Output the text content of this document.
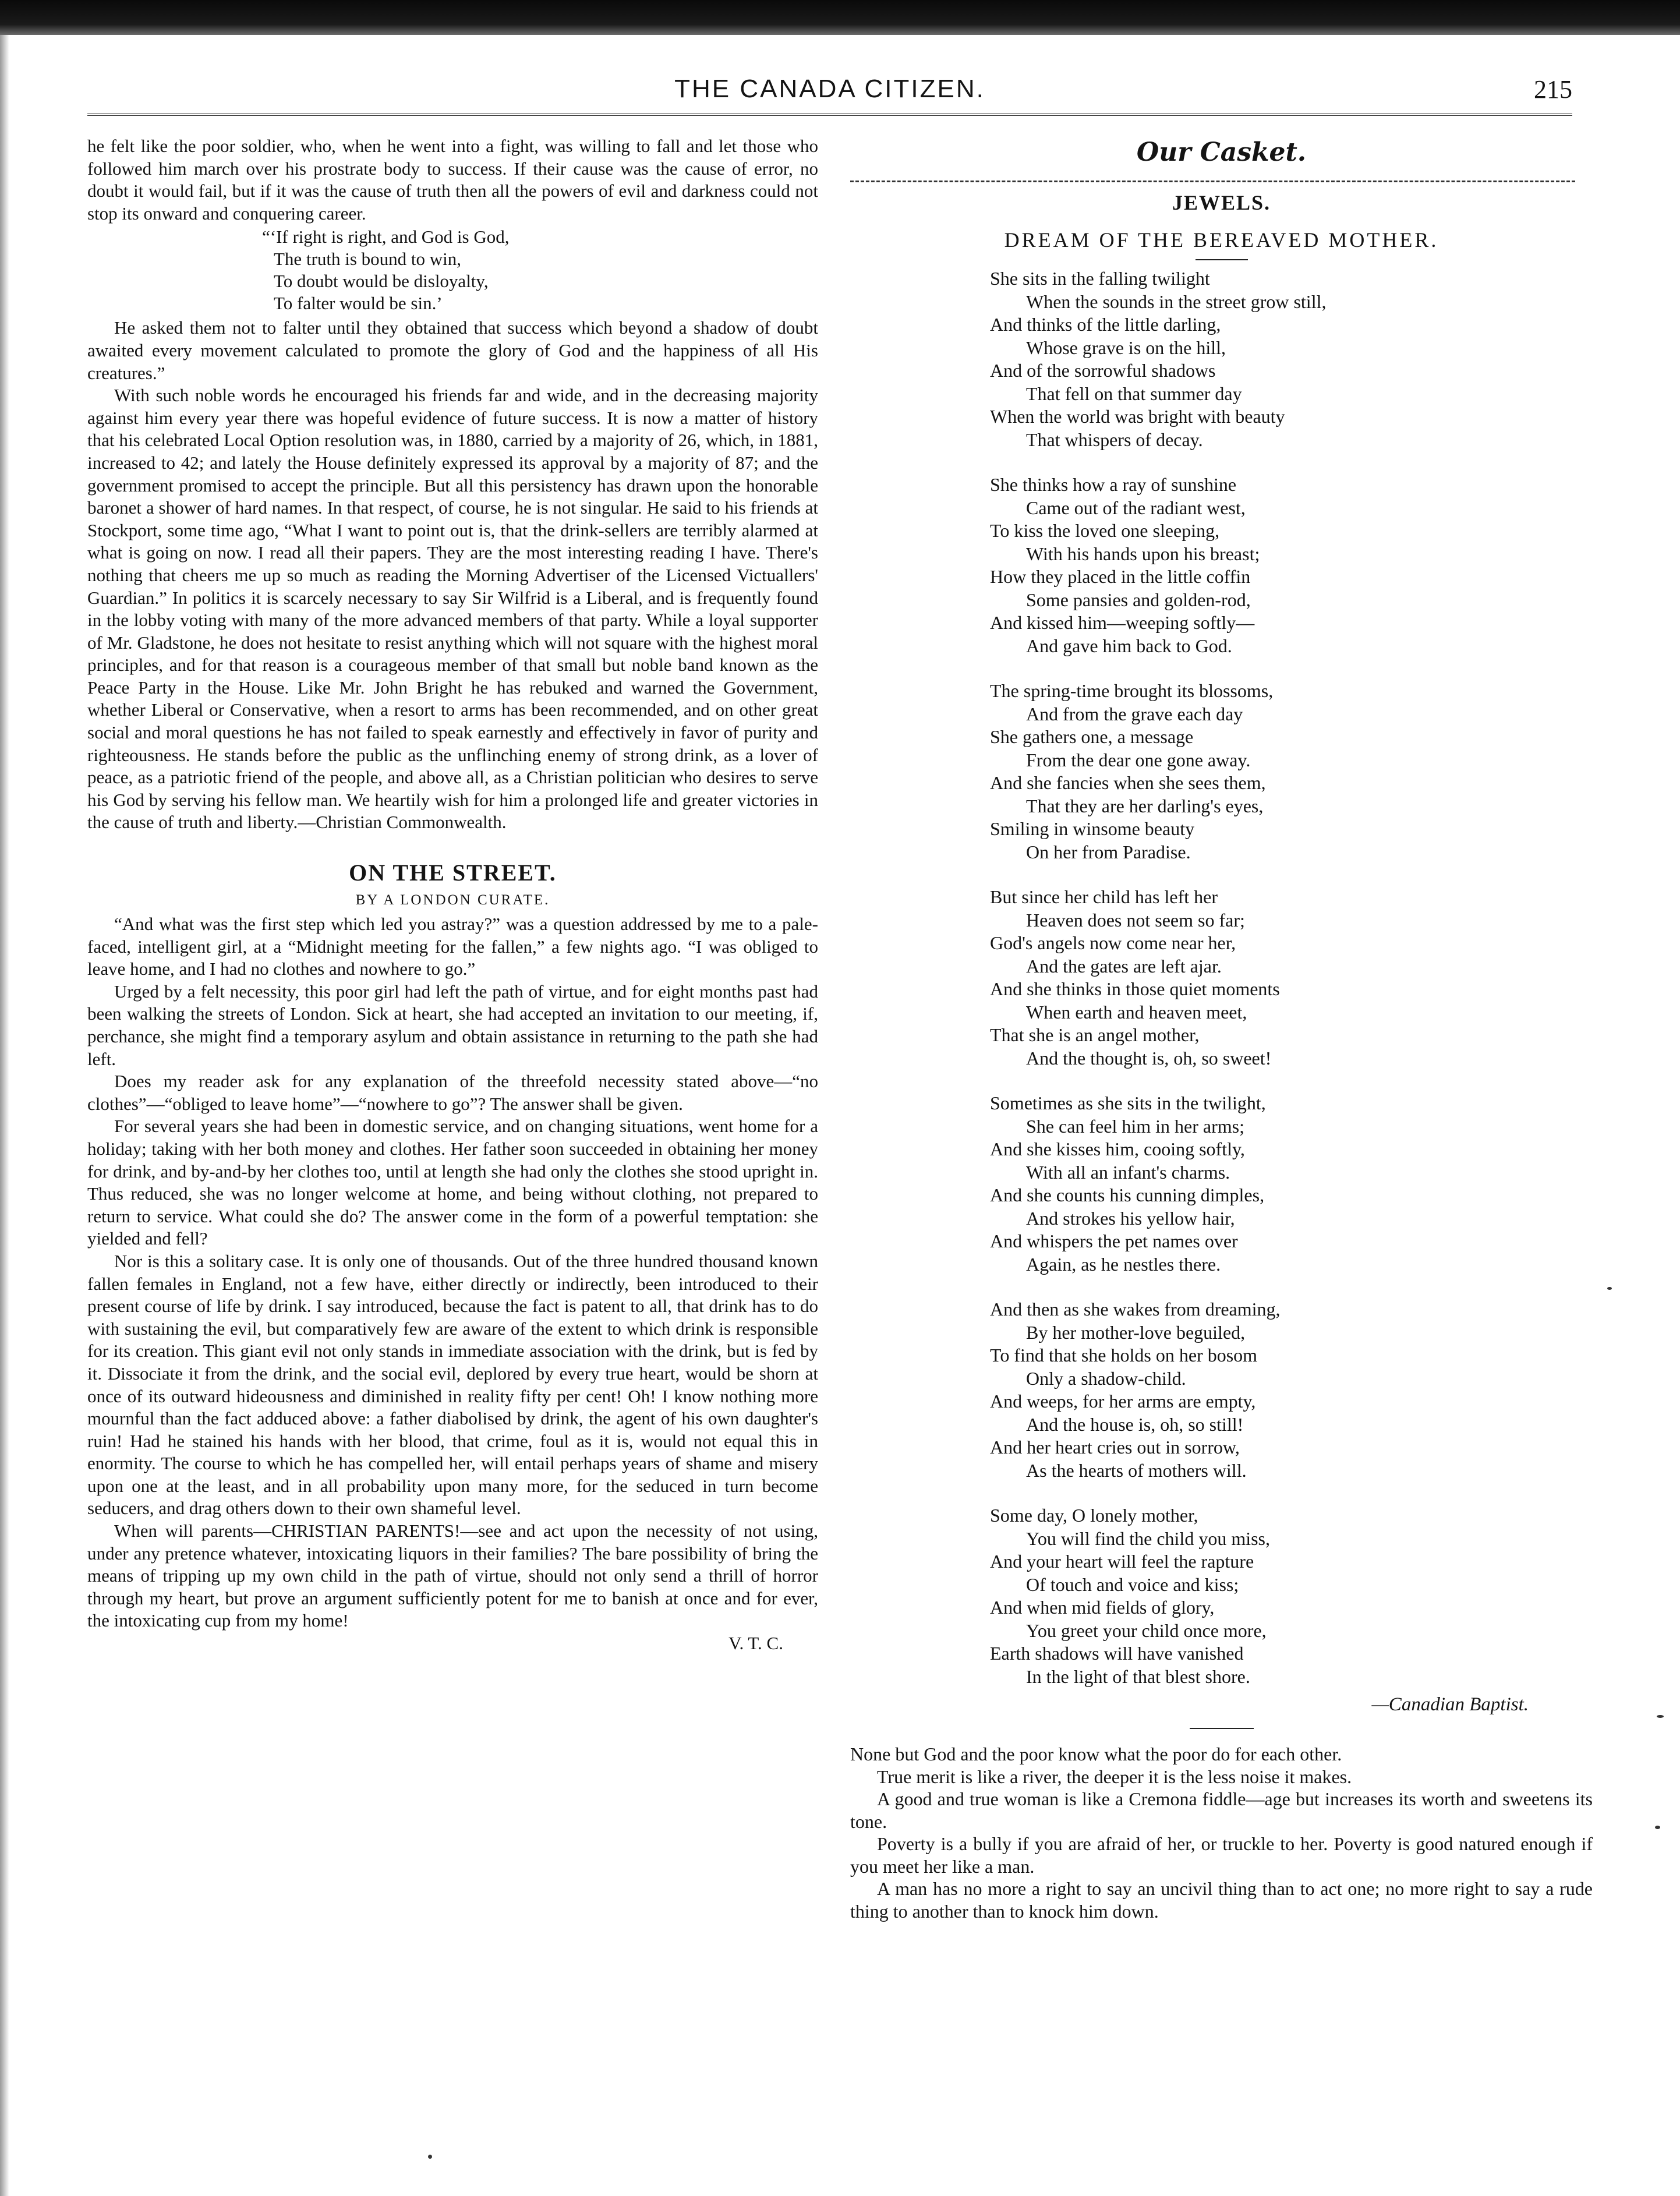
THE CANADA CITIZEN.	215

he felt like the poor soldier, who, when he went into a fight, was willing to fall and let those who followed him march over his prostrate body to success. If their cause was the cause of error, no doubt it would fail, but if it was the cause of truth then all the powers of evil and darkness could not stop its onward and conquering career.

“‘If right is right, and God is God,
The truth is bound to win,
To doubt would be disloyalty,
To falter would be sin.’

He asked them not to falter until they obtained that success which beyond a shadow of doubt awaited every movement calculated to promote the glory of God and the happiness of all His creatures.”

With such noble words he encouraged his friends far and wide, and in the decreasing majority against him every year there was hopeful evidence of future success. It is now a matter of history that his celebrated Local Option resolution was, in 1880, carried by a majority of 26, which, in 1881, increased to 42; and lately the House definitely expressed its approval by a majority of 87; and the government promised to accept the principle. But all this persistency has drawn upon the honorable baronet a shower of hard names. In that respect, of course, he is not singular. He said to his friends at Stockport, some time ago, “What I want to point out is, that the drink-sellers are terribly alarmed at what is going on now. I read all their papers. They are the most interesting reading I have. There's nothing that cheers me up so much as reading the Morning Advertiser of the Licensed Victuallers' Guardian.” In politics it is scarcely necessary to say Sir Wilfrid is a Liberal, and is frequently found in the lobby voting with many of the more advanced members of that party. While a loyal supporter of Mr. Gladstone, he does not hesitate to resist anything which will not square with the highest moral principles, and for that reason is a courageous member of that small but noble band known as the Peace Party in the House. Like Mr. John Bright he has rebuked and warned the Government, whether Liberal or Conservative, when a resort to arms has been recommended, and on other great social and moral questions he has not failed to speak earnestly and effectively in favor of purity and righteousness. He stands before the public as the unflinching enemy of strong drink, as a lover of peace, as a patriotic friend of the people, and above all, as a Christian politician who desires to serve his God by serving his fellow man. We heartily wish for him a prolonged life and greater victories in the cause of truth and liberty.—Christian Commonwealth.

ON THE STREET.
BY A LONDON CURATE.

“And what was the first step which led you astray?” was a question addressed by me to a pale-faced, intelligent girl, at a “Midnight meeting for the fallen,” a few nights ago. “I was obliged to leave home, and I had no clothes and nowhere to go.”

Urged by a felt necessity, this poor girl had left the path of virtue, and for eight months past had been walking the streets of London. Sick at heart, she had accepted an invitation to our meeting, if, perchance, she might find a temporary asylum and obtain assistance in returning to the path she had left.

Does my reader ask for any explanation of the threefold necessity stated above—“no clothes”—“obliged to leave home”—“nowhere to go”? The answer shall be given.

For several years she had been in domestic service, and on changing situations, went home for a holiday; taking with her both money and clothes. Her father soon succeeded in obtaining her money for drink, and by-and-by her clothes too, until at length she had only the clothes she stood upright in. Thus reduced, she was no longer welcome at home, and being without clothing, not prepared to return to service. What could she do? The answer come in the form of a powerful temptation: she yielded and fell?

Nor is this a solitary case. It is only one of thousands. Out of the three hundred thousand known fallen females in England, not a few have, either directly or indirectly, been introduced to their present course of life by drink. I say introduced, because the fact is patent to all, that drink has to do with sustaining the evil, but comparatively few are aware of the extent to which drink is responsible for its creation. This giant evil not only stands in immediate association with the drink, but is fed by it. Dissociate it from the drink, and the social evil, deplored by every true heart, would be shorn at once of its outward hideousness and diminished in reality fifty per cent! Oh! I know nothing more mournful than the fact adduced above: a father diabolised by drink, the agent of his own daughter's ruin! Had he stained his hands with her blood, that crime, foul as it is, would not equal this in enormity. The course to which he has compelled her, will entail perhaps years of shame and misery upon one at the least, and in all probability upon many more, for the seduced in turn become seducers, and drag others down to their own shameful level.

When will parents—CHRISTIAN PARENTS!—see and act upon the necessity of not using, under any pretence whatever, intoxicating liquors in their families? The bare possibility of bring the means of tripping up my own child in the path of virtue, should not only send a thrill of horror through my heart, but prove an argument sufficiently potent for me to banish at once and for ever, the intoxicating cup from my home!

V. T. C.
Our Casket.
JEWELS.
DREAM OF THE BEREAVED MOTHER.
She sits in the falling twilight
When the sounds in the street grow still,
And thinks of the little darling,
Whose grave is on the hill,
And of the sorrowful shadows
That fell on that summer day
When the world was bright with beauty
That whispers of decay.
She thinks how a ray of sunshine
Came out of the radiant west,
To kiss the loved one sleeping,
With his hands upon his breast;
How they placed in the little coffin
Some pansies and golden-rod,
And kissed him—weeping softly—
And gave him back to God.
The spring-time brought its blossoms,
And from the grave each day
She gathers one, a message
From the dear one gone away.
And she fancies when she sees them,
That they are her darling's eyes,
Smiling in winsome beauty
On her from Paradise.
But since her child has left her
Heaven does not seem so far;
God's angels now come near her,
And the gates are left ajar.
And she thinks in those quiet moments
When earth and heaven meet,
That she is an angel mother,
And the thought is, oh, so sweet!
Sometimes as she sits in the twilight,
She can feel him in her arms;
And she kisses him, cooing softly,
With all an infant's charms.
And she counts his cunning dimples,
And strokes his yellow hair,
And whispers the pet names over
Again, as he nestles there.
And then as she wakes from dreaming,
By her mother-love beguiled,
To find that she holds on her bosom
Only a shadow-child.
And weeps, for her arms are empty,
And the house is, oh, so still!
And her heart cries out in sorrow,
As the hearts of mothers will.
Some day, O lonely mother,
You will find the child you miss,
And your heart will feel the rapture
Of touch and voice and kiss;
And when mid fields of glory,
You greet your child once more,
Earth shadows will have vanished
In the light of that blest shore.
—Canadian Baptist.

None but God and the poor know what the poor do for each other.

True merit is like a river, the deeper it is the less noise it makes.

A good and true woman is like a Cremona fiddle—age but increases its worth and sweetens its tone.

Poverty is a bully if you are afraid of her, or truckle to her. Poverty is good natured enough if you meet her like a man.

A man has no more a right to say an uncivil thing than to act one; no more right to say a rude thing to another than to knock him down.
